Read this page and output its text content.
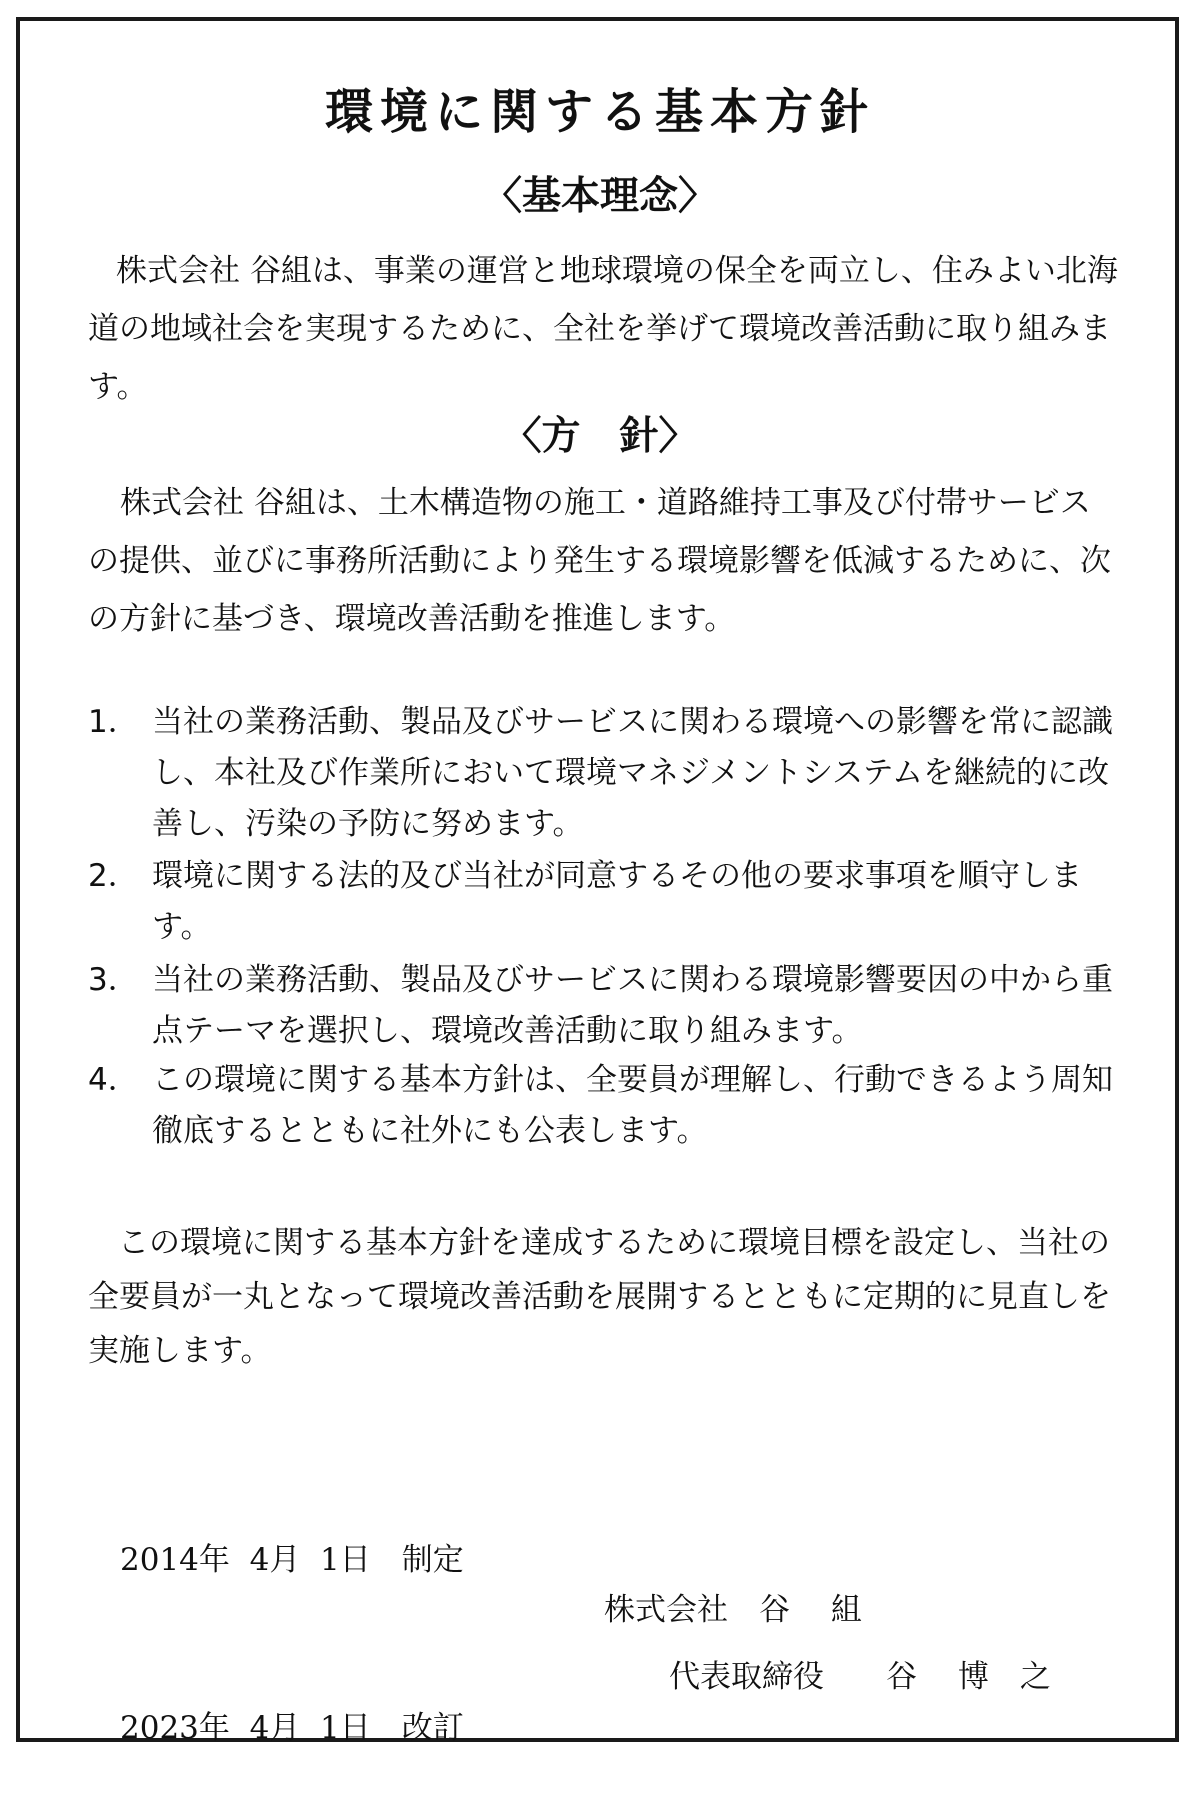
環境に関する基本方針
〈基本理念〉

株式会社 谷組は、事業の運営と地球環境の保全を両立し、住みよい北海道の地域社会を実現するために、全社を挙げて環境改善活動に取り組みます。

〈方　針〉

株式会社 谷組は、土木構造物の施工・道路維持工事及び付帯サービスの提供、並びに事務所活動により発生する環境影響を低減するために、次の方針に基づき、環境改善活動を推進します。

1． 当社の業務活動、製品及びサービスに関わる環境への影響を常に認識し、本社及び作業所において環境マネジメントシステムを継続的に改善し、汚染の予防に努めます。
2． 環境に関する法的及び当社が同意するその他の要求事項を順守します。
3． 当社の業務活動、製品及びサービスに関わる環境影響要因の中から重点テーマを選択し、環境改善活動に取り組みます。
4． この環境に関する基本方針は、全要員が理解し、行動できるよう周知徹底するとともに社外にも公表します。

この環境に関する基本方針を達成するために環境目標を設定し、当社の全要員が一丸となって環境改善活動を展開するとともに定期的に見直しを実施します。

2014年  4月  1日　制定

2023年  4月  1日　改訂

株式会社　谷　 組
代表取締役　　谷　 博　之
